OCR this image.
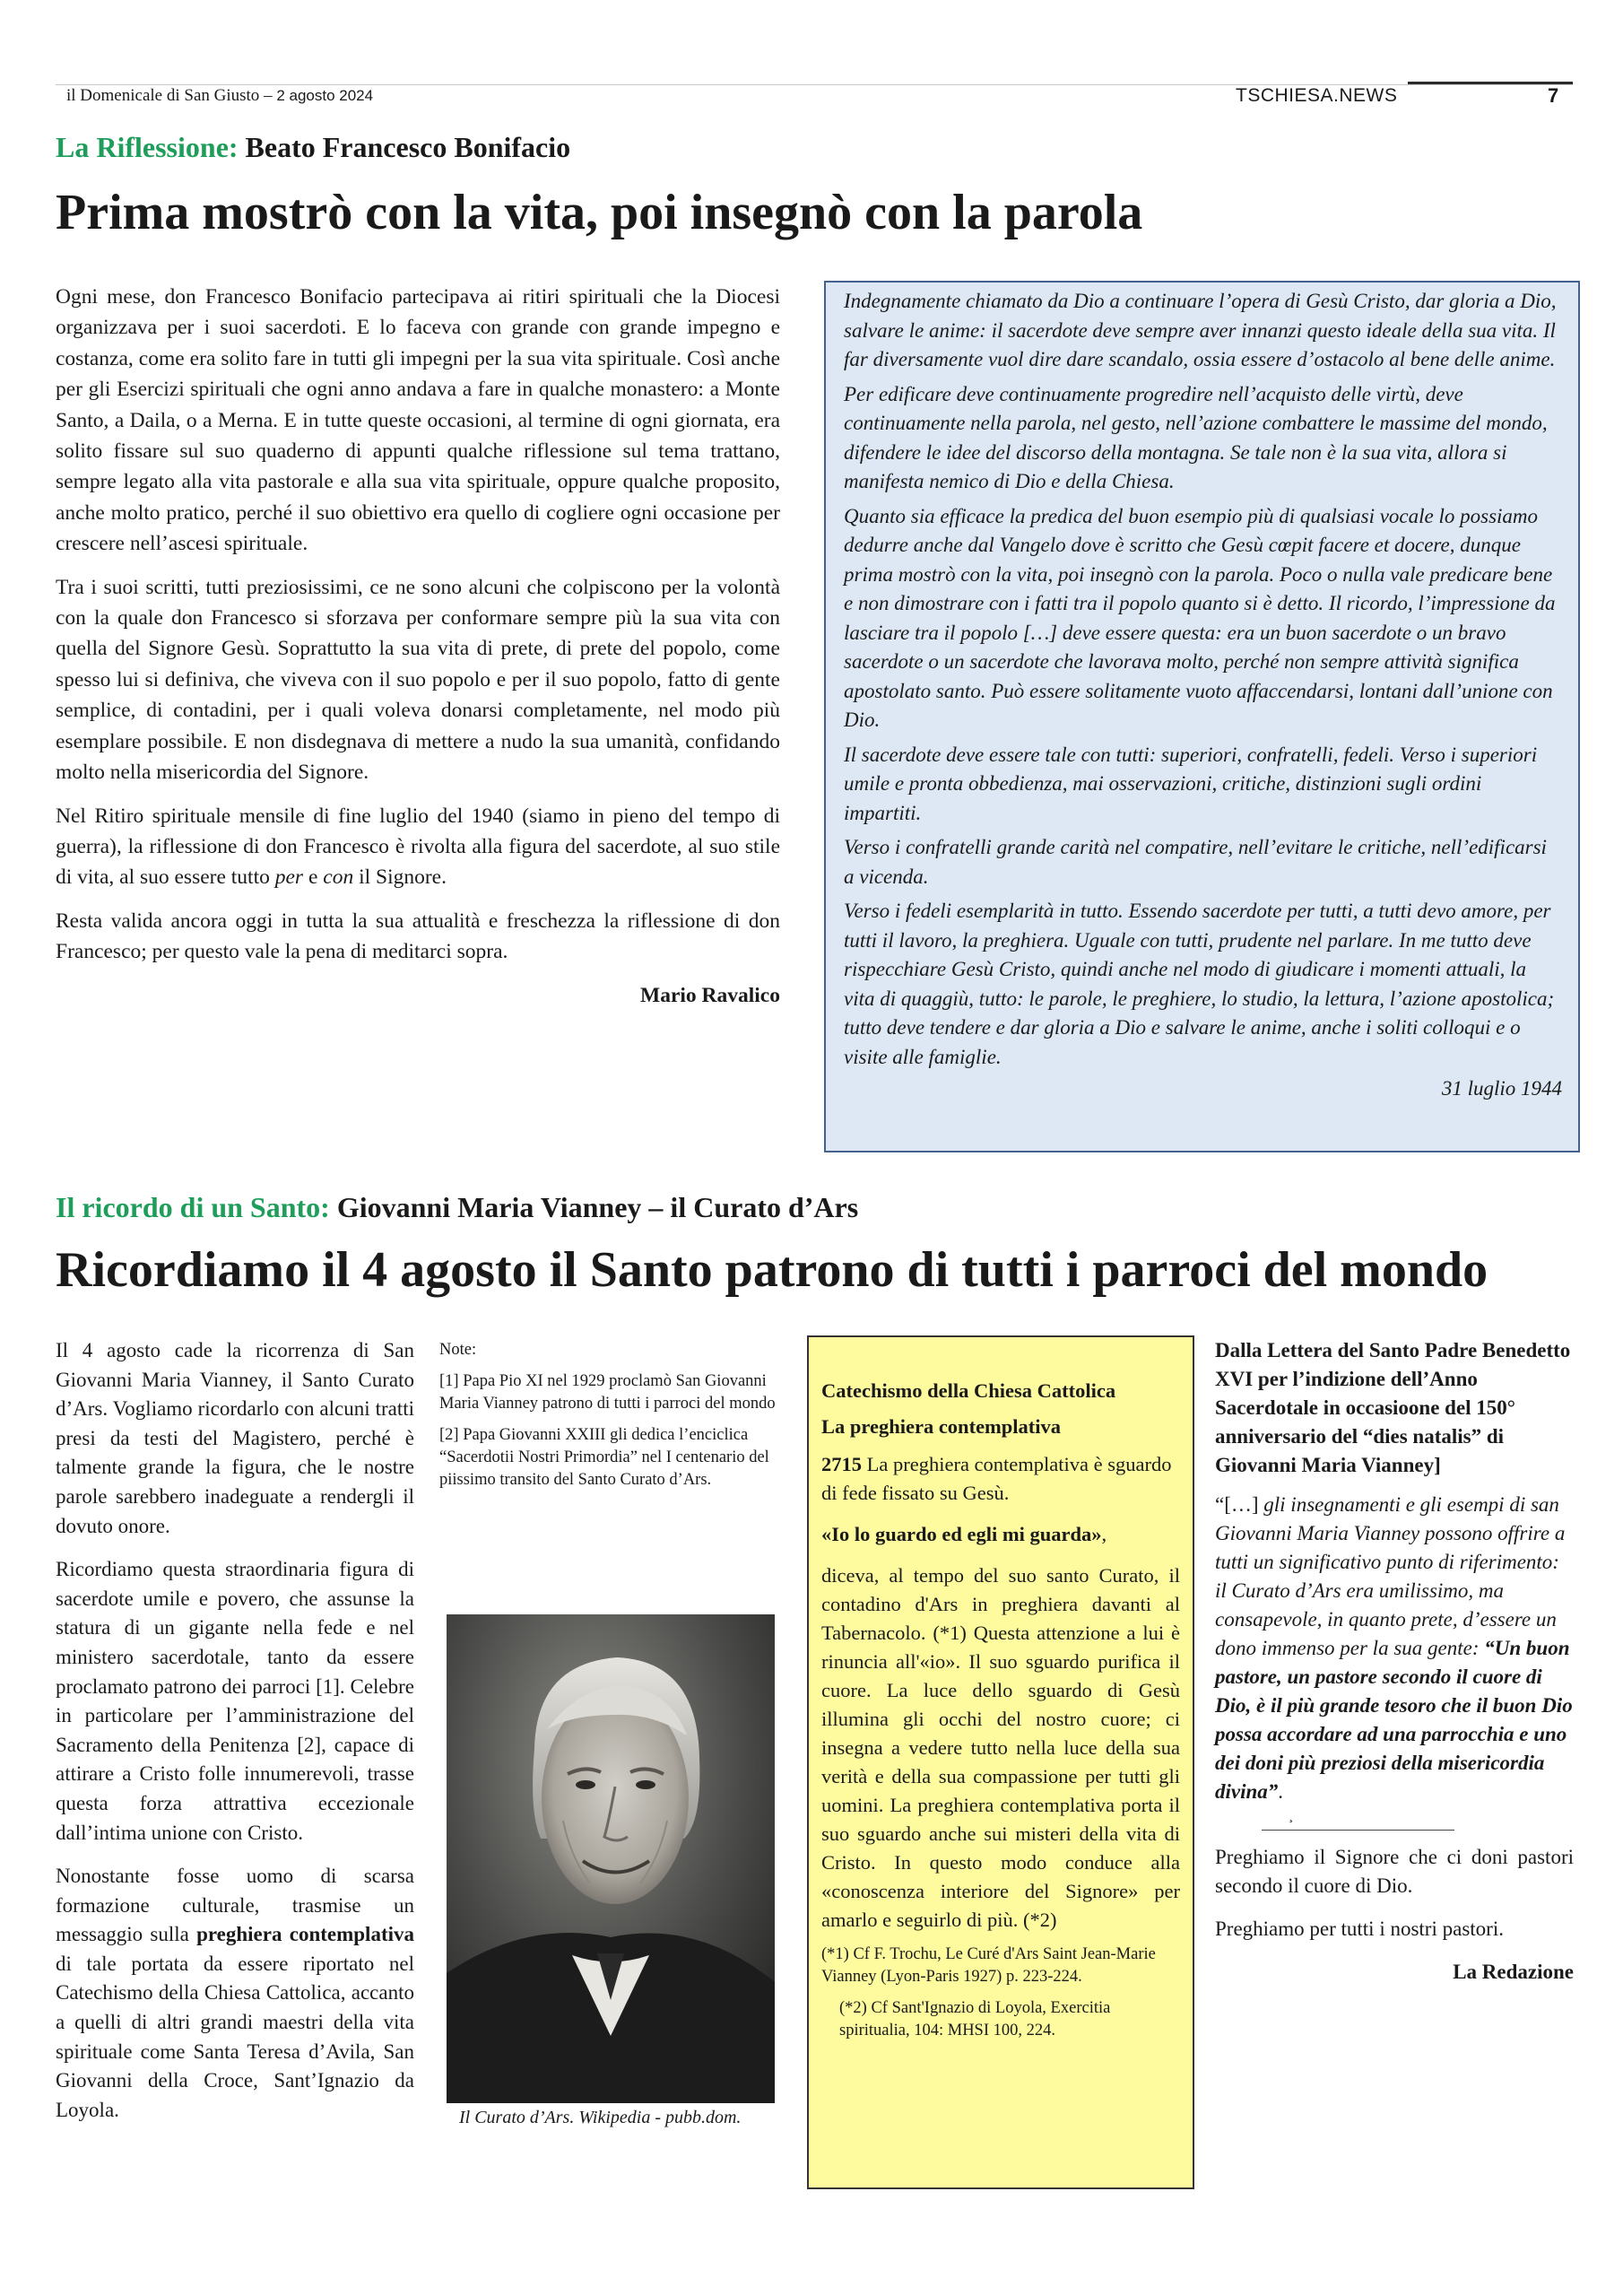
il Domenicale di San Giusto – 2 agosto 2024	TSCHIESA.NEWS	7
La Riflessione: Beato Francesco Bonifacio
Prima mostrò con la vita, poi insegnò con la parola

Ogni mese, don Francesco Bonifacio partecipava ai ritiri spirituali che la Diocesi organizzava per i suoi sacerdoti. E lo faceva con grande con grande impegno e costanza, come era solito fare in tutti gli impegni per la sua vita spirituale. Così anche per gli Esercizi spirituali che ogni anno andava a fare in qualche monastero: a Monte Santo, a Daila, o a Merna. E in tutte queste occasioni, al termine di ogni giornata, era solito fissare sul suo quaderno di appunti qualche riflessione sul tema trattano, sempre legato alla vita pastorale e alla sua vita spirituale, oppure qualche proposito, anche molto pratico, perché il suo obiettivo era quello di cogliere ogni occasione per crescere nell’ascesi spirituale.

Tra i suoi scritti, tutti preziosissimi, ce ne sono alcuni che colpiscono per la volontà con la quale don Francesco si sforzava per conformare sempre più la sua vita con quella del Signore Gesù. Soprattutto la sua vita di prete, di prete del popolo, come spesso lui si definiva, che viveva con il suo popolo e per il suo popolo, fatto di gente semplice, di contadini, per i quali voleva donarsi completamente, nel modo più esemplare possibile. E non disdegnava di mettere a nudo la sua umanità, confidando molto nella misericordia del Signore.

Nel Ritiro spirituale mensile di fine luglio del 1940 (siamo in pieno del tempo di guerra), la riflessione di don Francesco è rivolta alla figura del sacerdote, al suo stile di vita, al suo essere tutto per e con il Signore.

Resta valida ancora oggi in tutta la sua attualità e freschezza la riflessione di don Francesco; per questo vale la pena di meditarci sopra.

Mario Ravalico

Indegnamente chiamato da Dio a continuare l’opera di Gesù Cristo, dar gloria a Dio, salvare le anime: il sacerdote deve sempre aver innanzi questo ideale della sua vita. Il far diversamente vuol dire dare scandalo, ossia essere d’ostacolo al bene delle anime.

Per edificare deve continuamente progredire nell’acquisto delle virtù, deve continuamente nella parola, nel gesto, nell’azione combattere le massime del mondo, difendere le idee del discorso della montagna. Se tale non è la sua vita, allora si manifesta nemico di Dio e della Chiesa.

Quanto sia efficace la predica del buon esempio più di qualsiasi vocale lo possiamo dedurre anche dal Vangelo dove è scritto che Gesù cœpit facere et docere, dunque prima mostrò con la vita, poi insegnò con la parola. Poco o nulla vale predicare bene e non dimostrare con i fatti tra il popolo quanto si è detto. Il ricordo, l’impressione da lasciare tra il popolo […] deve essere questa: era un buon sacerdote o un bravo sacerdote o un sacerdote che lavorava molto, perché non sempre attività significa apostolato santo. Può essere solitamente vuoto affaccendarsi, lontani dall’unione con Dio.

Il sacerdote deve essere tale con tutti: superiori, confratelli, fedeli. Verso i superiori umile e pronta obbedienza, mai osservazioni, critiche, distinzioni sugli ordini impartiti.

Verso i confratelli grande carità nel compatire, nell’evitare le critiche, nell’edificarsi a vicenda.

Verso i fedeli esemplarità in tutto. Essendo sacerdote per tutti, a tutti devo amore, per tutti il lavoro, la preghiera. Uguale con tutti, prudente nel parlare. In me tutto deve rispecchiare Gesù Cristo, quindi anche nel modo di giudicare i momenti attuali, la vita di quaggiù, tutto: le parole, le preghiere, lo studio, la lettura, l’azione apostolica; tutto deve tendere e dar gloria a Dio e salvare le anime, anche i soliti colloqui e o visite alle famiglie.

31 luglio 1944
Il ricordo di un Santo: Giovanni Maria Vianney – il Curato d’Ars
Ricordiamo il 4 agosto il Santo patrono di tutti i parroci del mondo

Il 4 agosto cade la ricorrenza di San Giovanni Maria Vianney, il Santo Curato d’Ars. Vogliamo ricordarlo con alcuni tratti presi da testi del Magistero, perché è talmente grande la figura, che le nostre parole sarebbero inadeguate a rendergli il dovuto onore.

Ricordiamo questa straordinaria figura di sacerdote umile e povero, che assunse la statura di un gigante nella fede e nel ministero sacerdotale, tanto da essere proclamato patrono dei parroci [1]. Celebre in particolare per l’amministrazione del Sacramento della Penitenza [2], capace di attirare a Cristo folle innumerevoli, trasse questa forza attrattiva eccezionale dall’intima unione con Cristo.

Nonostante fosse uomo di scarsa formazione culturale, trasmise un messaggio sulla preghiera contemplativa di tale portata da essere riportato nel Catechismo della Chiesa Cattolica, accanto a quelli di altri grandi maestri della vita spirituale come Santa Teresa d’Avila, San Giovanni della Croce, Sant’Ignazio da Loyola.

Note:

[1] Papa Pio XI nel 1929 proclamò San Giovanni Maria Vianney patrono di tutti i parroci del mondo

[2] Papa Giovanni XXIII gli dedica l’enciclica “Sacerdotii Nostri Primordia” nel I centenario del piissimo transito del Santo Curato d’Ars.

Il Curato d’Ars. Wikipedia - pubb.dom.

Catechismo della Chiesa Cattolica

La preghiera contemplativa

2715 La preghiera contemplativa è sguardo di fede fissato su Gesù.

«Io lo guardo ed egli mi guarda»,

diceva, al tempo del suo santo Curato, il contadino d'Ars in preghiera davanti al Tabernacolo. (*1) Questa attenzione a lui è rinuncia all'«io». Il suo sguardo purifica il cuore. La luce dello sguardo di Gesù illumina gli occhi del nostro cuore; ci insegna a vedere tutto nella luce della sua verità e della sua compassione per tutti gli uomini. La preghiera contemplativa porta il suo sguardo anche sui misteri della vita di Cristo. In questo modo conduce alla «conoscenza interiore del Signore» per amarlo e seguirlo di più. (*2)

(*1) Cf F. Trochu, Le Curé d'Ars Saint Jean-Marie Vianney (Lyon-Paris 1927) p. 223-224.

(*2) Cf Sant'Ignazio di Loyola, Exercitia spiritualia, 104: MHSI 100, 224.

Dalla Lettera del Santo Padre Benedetto XVI per l’indizione dell’Anno Sacerdotale in occasioone del 150° anniversario del “dies natalis” di Giovanni Maria Vianney]

“[…] gli insegnamenti e gli esempi di san Giovanni Maria Vianney possono offrire a tutti un significativo punto di riferimento: il Curato d’Ars era umilissimo, ma consapevole, in quanto prete, d’essere un dono immenso per la sua gente: “Un buon pastore, un pastore secondo il cuore di Dio, è il più grande tesoro che il buon Dio possa accordare ad una parrocchia e uno dei doni più preziosi della misericordia divina”.

¸

Preghiamo il Signore che ci doni pastori secondo il cuore di Dio.

Preghiamo per tutti i nostri pastori.

La Redazione
